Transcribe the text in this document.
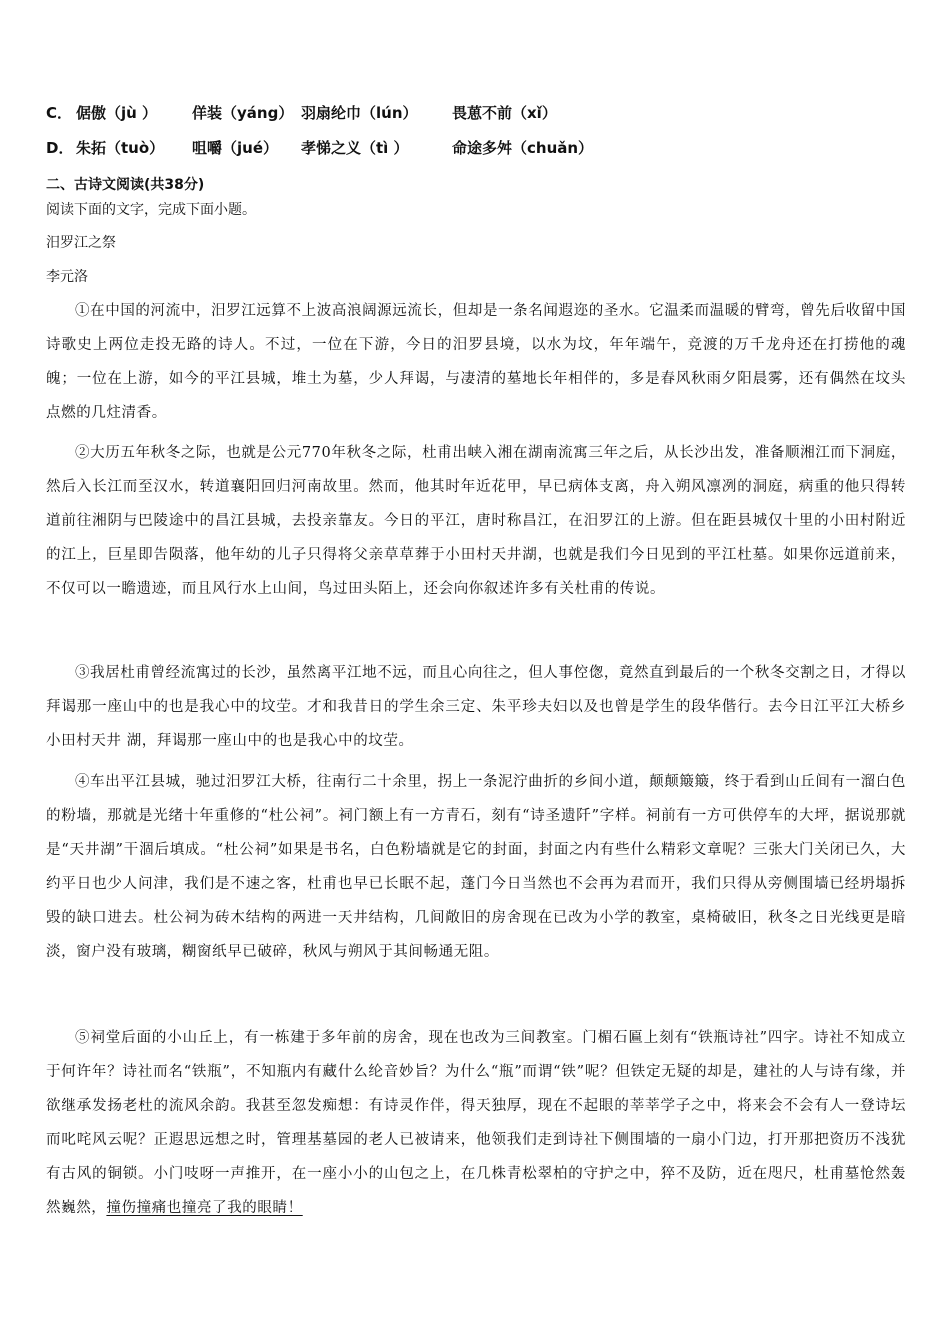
C． 倨傲（jù ） 佯装（yáng） 羽扇纶巾（lún） 畏葸不前（xǐ）
D． 朱拓（tuò） 咀嚼（jué） 孝悌之义（tì ）	命途多舛（chuǎn）
二、古诗文阅读(共38分)
阅读下面的文字，完成下面小题。
汨罗江之祭
李元洛

①在中国的河流中，汨罗江远算不上波高浪阔源远流长，但却是一条名闻遐迩的圣水。它温柔而温暖的臂弯，曾先后收留中国诗歌史上两位走投无路的诗人。不过，一位在下游，今日的汨罗县境，以水为坟，年年端午，竞渡的万千龙舟还在打捞他的魂魄；一位在上游，如今的平江县城，堆土为墓，少人拜谒，与凄清的墓地长年相伴的，多是春风秋雨夕阳晨雾，还有偶然在坟头点燃的几炷清香。

②大历五年秋冬之际，也就是公元770年秋冬之际，杜甫出峡入湘在湖南流寓三年之后，从长沙出发，准备顺湘江而下洞庭，然后入长江而至汉水，转道襄阳回归河南故里。然而，他其时年近花甲，早已病体支离，舟入朔风凛冽的洞庭，病重的他只得转道前往湘阴与巴陵途中的昌江县城，去投亲靠友。今日的平江，唐时称昌江，在汨罗江的上游。但在距县城仅十里的小田村附近的江上，巨星即告陨落，他年幼的儿子只得将父亲草草葬于小田村天井湖，也就是我们今日见到的平江杜墓。如果你远道前来，不仅可以一瞻遗迹，而且风行水上山间，鸟过田头陌上，还会向你叙述许多有关杜甫的传说。

③我居杜甫曾经流寓过的长沙，虽然离平江地不远，而且心向往之，但人事倥偬，竟然直到最后的一个秋冬交割之日，才得以拜谒那一座山中的也是我心中的坟茔。才和我昔日的学生余三定、朱平珍夫妇以及也曾是学生的段华偕行。去今日江平江大桥乡小田村天井 湖，拜谒那一座山中的也是我心中的坟茔。

④车出平江县城，驰过汨罗江大桥，往南行二十余里，拐上一条泥泞曲折的乡间小道，颠颠簸簸，终于看到山丘间有一溜白色的粉墙，那就是光绪十年重修的“杜公祠”。祠门额上有一方青石，刻有“诗圣遗阡”字样。祠前有一方可供停车的大坪，据说那就是“天井湖”干涸后填成。“杜公祠”如果是书名，白色粉墙就是它的封面，封面之内有些什么精彩文章呢？三张大门关闭已久，大约平日也少人问津，我们是不速之客，杜甫也早已长眠不起，蓬门今日当然也不会再为君而开，我们只得从旁侧围墙已经坍塌拆毁的缺口进去。杜公祠为砖木结构的两进一天井结构，几间敞旧的房舍现在已改为小学的教室，桌椅破旧，秋冬之日光线更是暗淡，窗户没有玻璃，糊窗纸早已破碎，秋风与朔风于其间畅通无阻。

⑤祠堂后面的小山丘上，有一栋建于多年前的房舍，现在也改为三间教室。门楣石匾上刻有“铁瓶诗社”四字。诗社不知成立于何许年？诗社而名“铁瓶”，不知瓶内有藏什么纶音妙旨？为什么“瓶”而谓“铁”呢？但铁定无疑的却是，建社的人与诗有缘，并欲继承发扬老杜的流风余韵。我甚至忽发痴想：有诗灵作伴，得天独厚，现在不起眼的莘莘学子之中，将来会不会有人一登诗坛而叱咤风云呢？正遐思远想之时，管理基墓园的老人已被请来，他领我们走到诗社下侧围墙的一扇小门边，打开那把资历不浅犹有古风的铜锁。小门吱呀一声推开，在一座小小的山包之上，在几株青松翠柏的守护之中，猝不及防，近在咫尺，杜甫墓怆然轰然巍然，撞伤撞痛也撞亮了我的眼睛！
